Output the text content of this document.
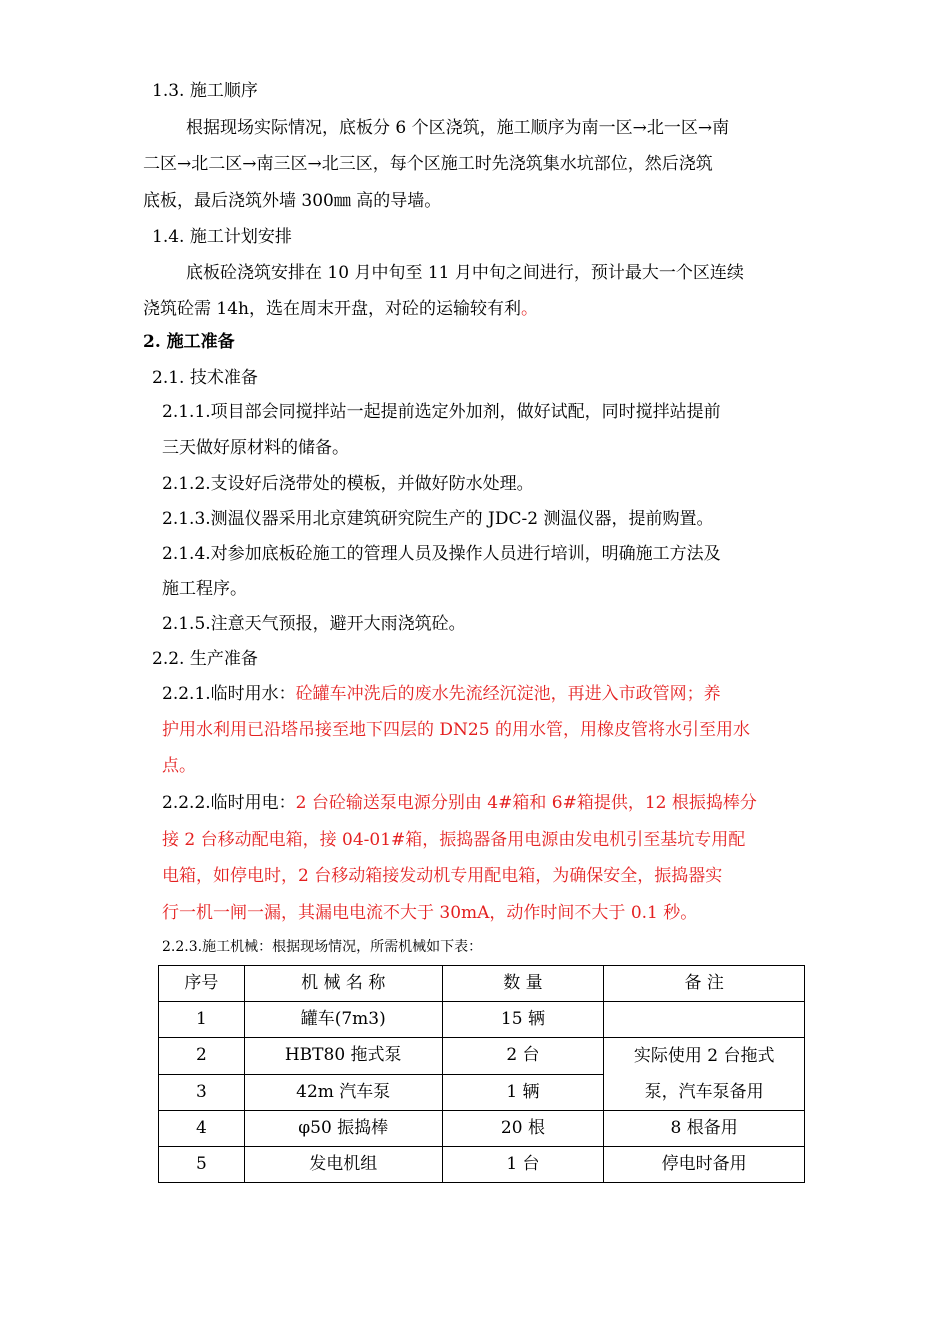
1.3. 施工顺序
根据现场实际情况，底板分 6 个区浇筑，施工顺序为南一区→北一区→南
二区→北二区→南三区→北三区，每个区施工时先浇筑集水坑部位，然后浇筑
底板，最后浇筑外墙 300㎜ 高的导墙。
1.4. 施工计划安排
底板砼浇筑安排在 10 月中旬至 11 月中旬之间进行，预计最大一个区连续
浇筑砼需 14h，选在周末开盘，对砼的运输较有利。
2. 施工准备
2.1. 技术准备
2.1.1.项目部会同搅拌站一起提前选定外加剂，做好试配，同时搅拌站提前
三天做好原材料的储备。
2.1.2.支设好后浇带处的模板，并做好防水处理。
2.1.3.测温仪器采用北京建筑研究院生产的 JDC-2 测温仪器，提前购置。
2.1.4.对参加底板砼施工的管理人员及操作人员进行培训，明确施工方法及
施工程序。
2.1.5.注意天气预报，避开大雨浇筑砼。
2.2. 生产准备
2.2.1.临时用水：砼罐车冲洗后的废水先流经沉淀池，再进入市政管网；养
护用水利用已沿塔吊接至地下四层的 DN25 的用水管，用橡皮管将水引至用水
点。
2.2.2.临时用电：2 台砼输送泵电源分别由 4#箱和 6#箱提供，12 根振捣棒分
接 2 台移动配电箱，接 04-01#箱，振捣器备用电源由发电机引至基坑专用配
电箱，如停电时，2 台移动箱接发动机专用配电箱，为确保安全，振捣器实
行一机一闸一漏，其漏电电流不大于 30mA，动作时间不大于 0.1 秒。
2.2.3.施工机械：根据现场情况，所需机械如下表：
序号	机 械 名 称	数 量	备 注
1	罐车(7m3)	15 辆	
2	HBT80 拖式泵	2 台	实际使用 2 台拖式
泵，汽车泵备用
3	42m 汽车泵	1 辆	
4	φ50 振捣棒	20 根	8 根备用
5	发电机组	1 台	停电时备用
